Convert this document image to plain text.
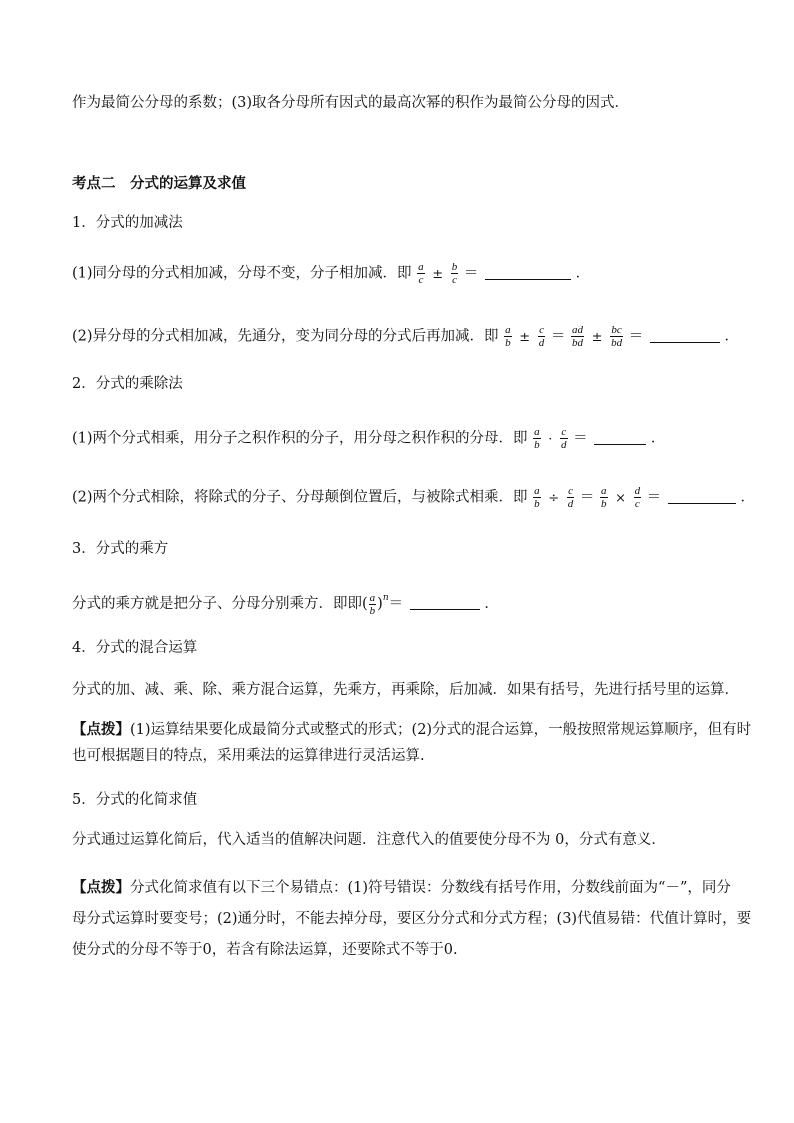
作为最简公分母的系数；(3)取各分母所有因式的最高次幂的积作为最简公分母的因式．
考点二　分式的运算及求值
1．分式的加减法
(1)同分母的分式相加减，分母不变，分子相加减．即 $\frac{a}{c} \pm \frac{b}{c}$ ＝	．
(2)异分母的分式相加减，先通分，变为同分母的分式后再加减．即 $\frac{a}{b} \pm \frac{c}{d} = \frac{ad}{bd} \pm \frac{bc}{bd}$ ＝	．
2．分式的乘除法
(1)两个分式相乘，用分子之积作积的分子，用分母之积作积的分母．即 $\frac{a}{b} \cdot \frac{c}{d}$ ＝	．
(2)两个分式相除，将除式的分子、分母颠倒位置后，与被除式相乘．即 $\frac{a}{b} \div \frac{c}{d} = \frac{a}{b} \times \frac{d}{c}$ ＝	．
3．分式的乘方
分式的乘方就是把分子、分母分别乘方．即即( $\frac{a}{b} )^n=$	．
4．分式的混合运算
分式的加、减、乘、除、乘方混合运算，先乘方，再乘除，后加减．如果有括号，先进行括号里的运算．
【点拨】(1)运算结果要化成最简分式或整式的形式；(2)分式的混合运算，一般按照常规运算顺序，但有时
也可根据题目的特点，采用乘法的运算律进行灵活运算.
5．分式的化简求值
分式通过运算化简后，代入适当的值解决问题．注意代入的值要使分母不为 0，分式有意义．
【点拨】分式化简求值有以下三个易错点：(1)符号错误：分数线有括号作用，分数线前面为“－”，同分
母分式运算时要变号；(2)通分时，不能去掉分母，要区分分式和分式方程；(3)代值易错：代值计算时，要
使分式的分母不等于0，若含有除法运算，还要除式不等于0.
